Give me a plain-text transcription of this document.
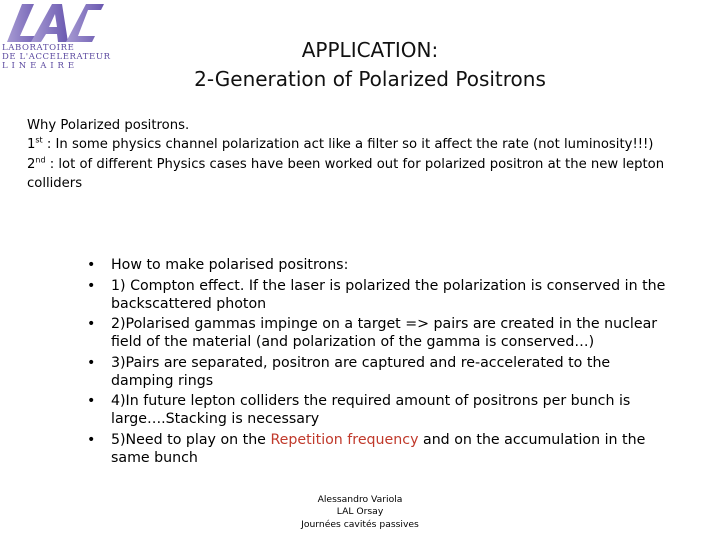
LABORATOIRE
DE L'ACCELERATEUR
L I N E A I R E
APPLICATION:
2-Generation of Polarized Positrons

Why Polarized positrons.

1st : In some physics channel polarization act like a filter so it affect the rate (not luminosity!!!)

2nd : lot of different Physics cases have been worked out for polarized positron at the new lepton colliders

• How to make polarised positrons:
• 1) Compton effect. If the laser is polarized the polarization is conserved in the backscattered photon
• 2)Polarised gammas impinge on a target => pairs are created in the nuclear field of the material (and polarization of the gamma is conserved…)
• 3)Pairs are separated, positron are captured and re-accelerated to the damping rings
• 4)In future lepton colliders the required amount of positrons per bunch is large….Stacking is necessary
• 5)Need to play on the Repetition frequency and on the accumulation in the same bunch
Alessandro Variola
LAL Orsay
Journées cavités passives
